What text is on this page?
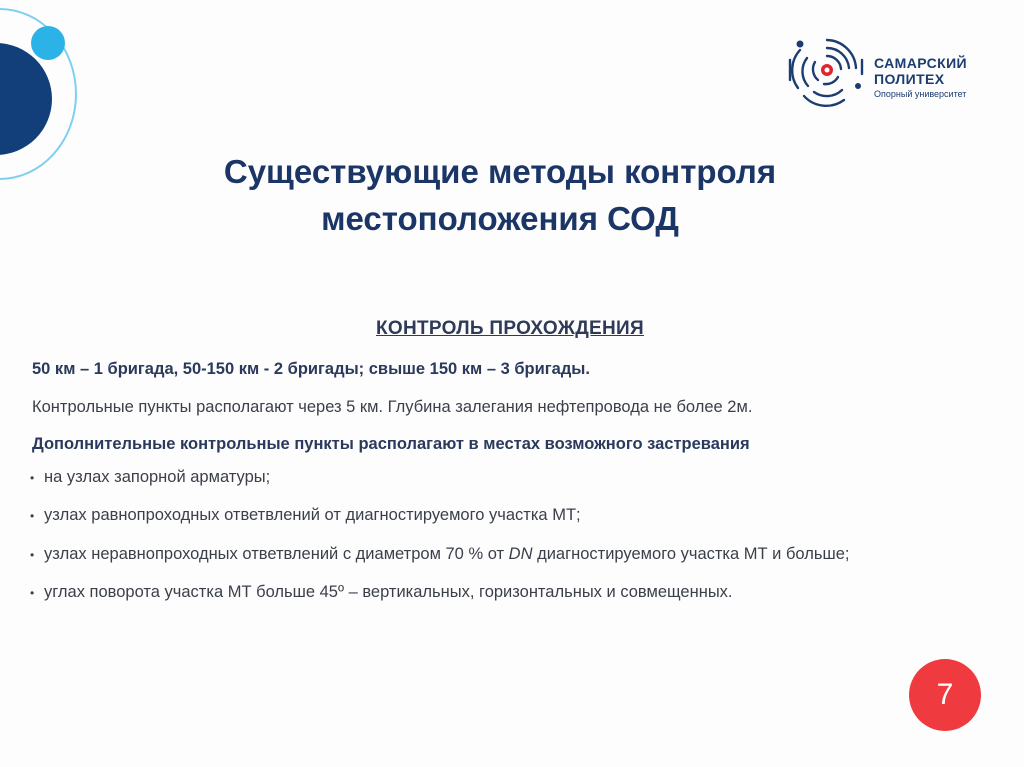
САМАРСКИЙ
ПОЛИТЕХ
Опорный университет
Существующие методы контроля
местоположения СОД
КОНТРОЛЬ ПРОХОЖДЕНИЯ
50 км – 1 бригада, 50-150 км - 2 бригады; свыше 150 км – 3 бригады.
Контрольные пункты располагают через 5 км. Глубина залегания нефтепровода не более 2м.
Дополнительные контрольные пункты располагают в местах возможного застревания
• на узлах запорной арматуры;
• узлах равнопроходных ответвлений от диагностируемого участка МТ;
• узлах неравнопроходных ответвлений с диаметром 70 % от DN диагностируемого участка МТ и больше;
• углах поворота участка МТ больше 45º – вертикальных, горизонтальных и совмещенных.
7
